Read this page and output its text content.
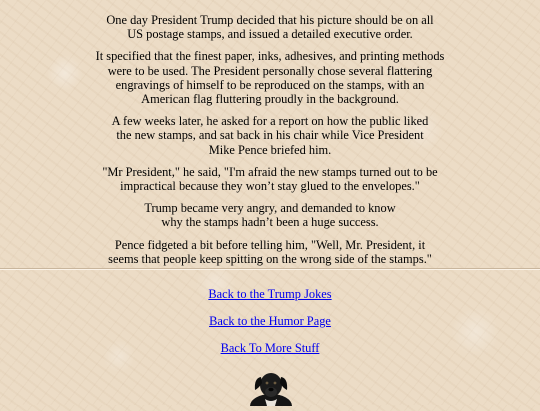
One day President Trump decided that his picture should be on all
US postage stamps, and issued a detailed executive order.

It specified that the finest paper, inks, adhesives, and printing methods
were to be used. The President personally chose several flattering
engravings of himself to be reproduced on the stamps, with an
American flag fluttering proudly in the background.

A few weeks later, he asked for a report on how the public liked
the new stamps, and sat back in his chair while Vice President
Mike Pence briefed him.

"Mr President," he said, "I'm afraid the new stamps turned out to be
impractical because they won’t stay glued to the envelopes."

Trump became very angry, and demanded to know
why the stamps hadn’t been a huge success.

Pence fidgeted a bit before telling him, "Well, Mr. President, it
seems that people keep spitting on the wrong side of the stamps."

Back to the Trump Jokes
Back to the Humor Page
Back To More Stuff
